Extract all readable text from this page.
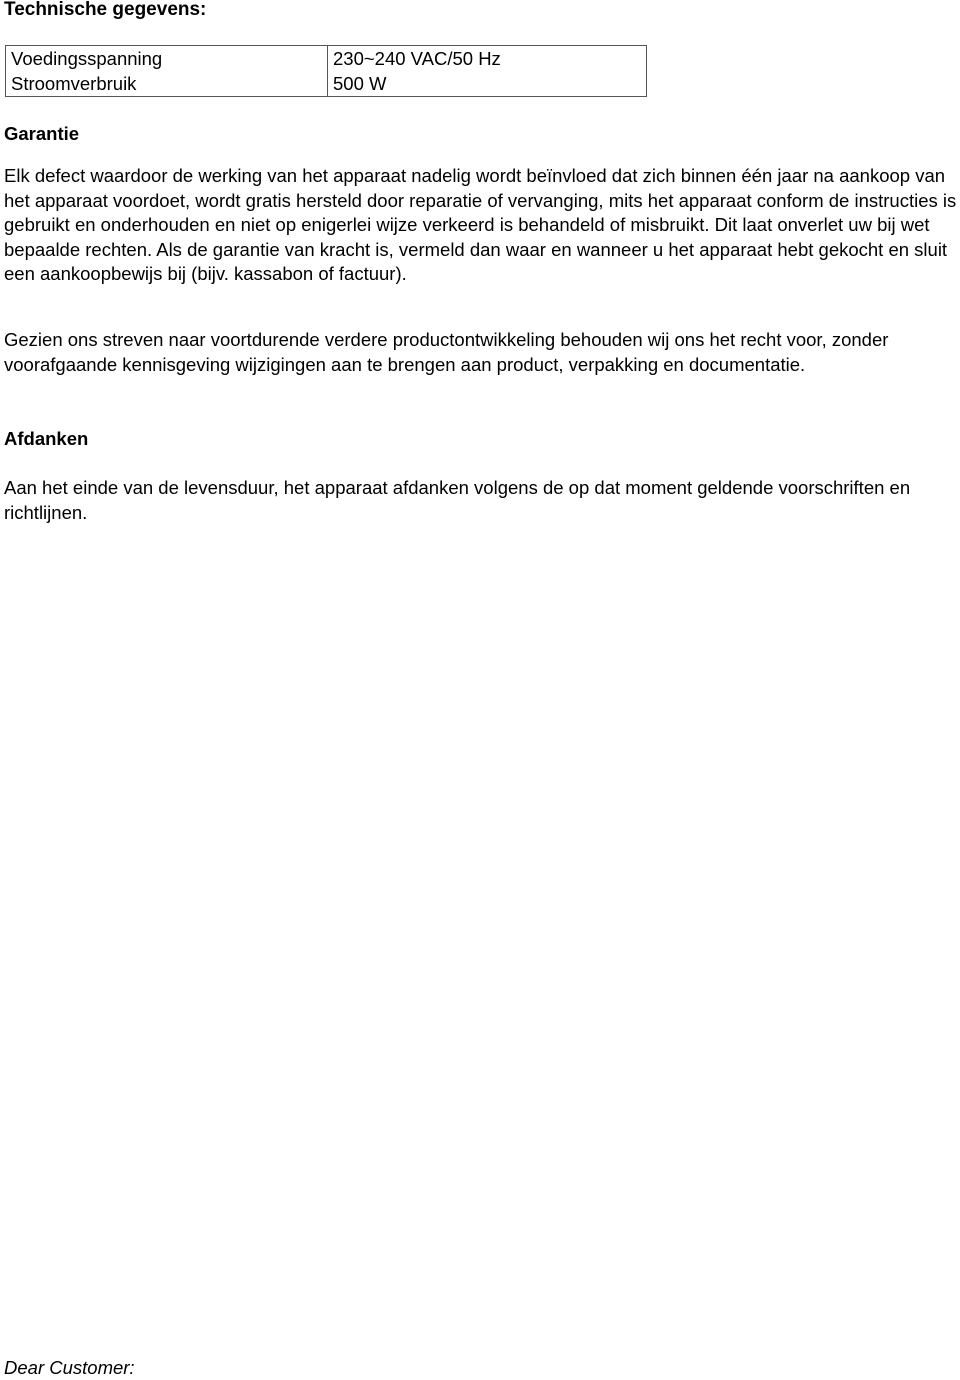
Technische gegevens:
Voedingsspanning	230~240 VAC/50 Hz
Stroomverbruik	500 W
Garantie

Elk defect waardoor de werking van het apparaat nadelig wordt beïnvloed dat zich binnen één jaar na aankoop van het apparaat voordoet, wordt gratis hersteld door reparatie of vervanging, mits het apparaat conform de instructies is gebruikt en onderhouden en niet op enigerlei wijze verkeerd is behandeld of misbruikt. Dit laat onverlet uw bij wet bepaalde rechten. Als de garantie van kracht is, vermeld dan waar en wanneer u het apparaat hebt gekocht en sluit een aankoopbewijs bij (bijv. kassabon of factuur).

Gezien ons streven naar voortdurende verdere productontwikkeling behouden wij ons het recht voor, zonder voorafgaande kennisgeving wijzigingen aan te brengen aan product, verpakking en documentatie.

Afdanken

Aan het einde van de levensduur, het apparaat afdanken volgens de op dat moment geldende voorschriften en richtlijnen.

Dear Customer:
